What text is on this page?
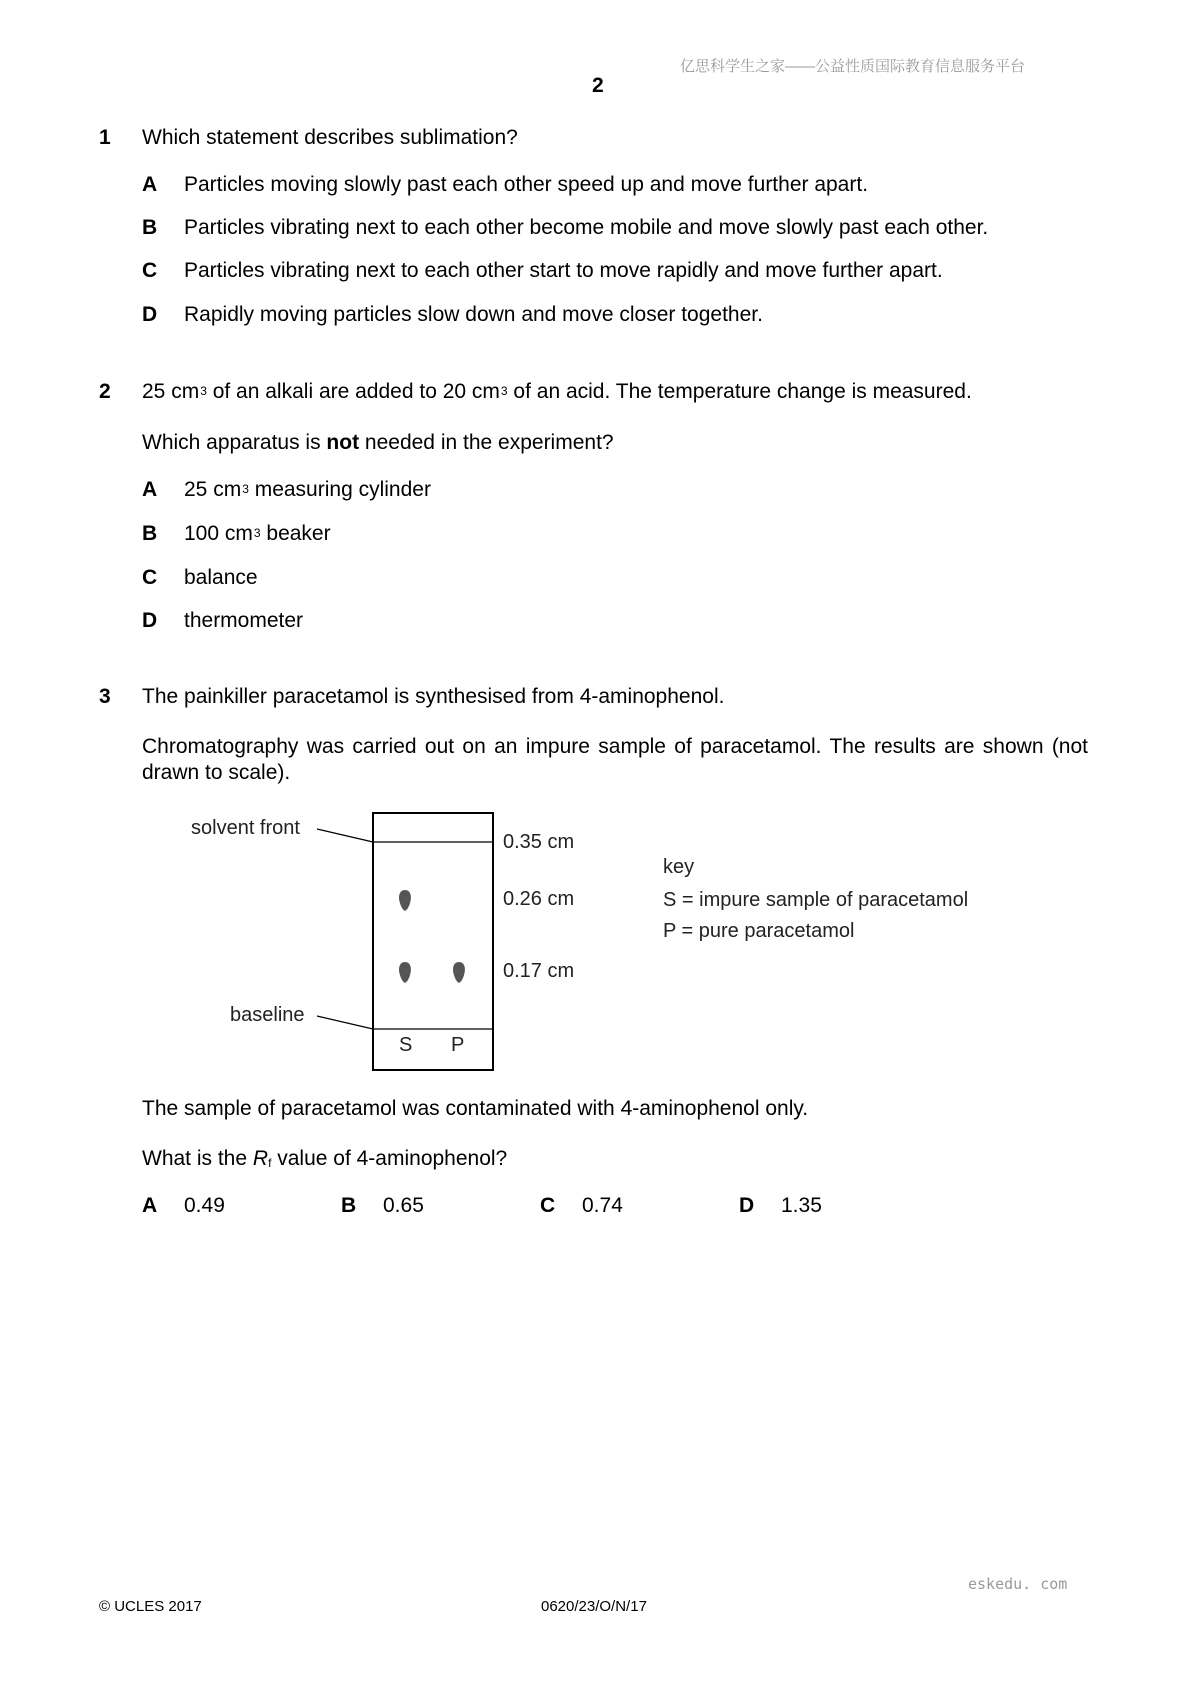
亿思科学生之家——公益性质国际教育信息服务平台
2
1 Which statement describes sublimation?
A Particles moving slowly past each other speed up and move further apart.
B Particles vibrating next to each other become mobile and move slowly past each other.
C Particles vibrating next to each other start to move rapidly and move further apart.
D Rapidly moving particles slow down and move closer together.
2 25 $cm^3$ of an alkali are added to 20 $cm^3$ of an acid. The temperature change is measured.
Which apparatus is not needed in the experiment?
A 25 $cm^3$ measuring cylinder
B 100 $cm^3$ beaker
C balance
D thermometer
3 The painkiller paracetamol is synthesised from 4-aminophenol.
Chromatography was carried out on an impure sample of paracetamol. The results are shown (not drawn to scale).
solvent front
baseline
S P
0.35 cm
0.26 cm
0.17 cm
key
S = impure sample of paracetamol
P = pure paracetamol
The sample of paracetamol was contaminated with 4-aminophenol only.
What is the $R_f$ value of 4-aminophenol?
A 0.49	B 0.65	C 0.74	D 1.35
eskedu. com
© UCLES 2017	0620/23/O/N/17
